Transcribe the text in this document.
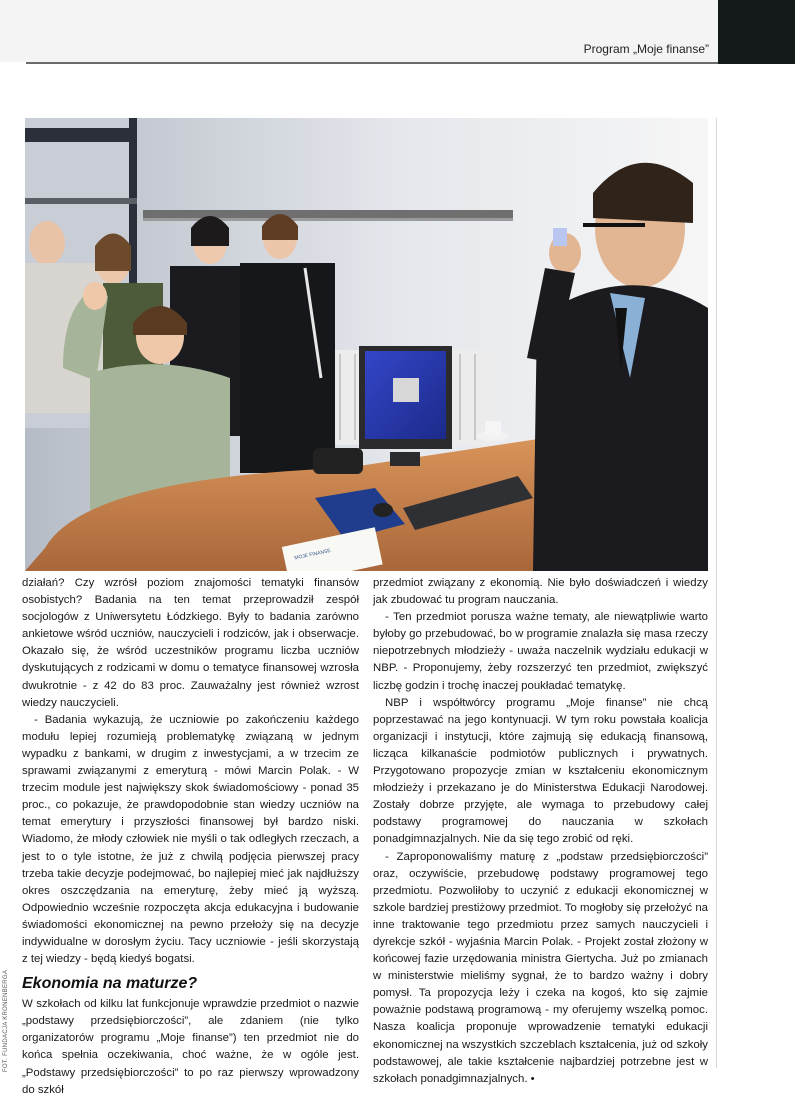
Program „Moje finanse”
MOJE FINANSE

działań? Czy wzrósł poziom znajomości tematyki finansów osobistych? Badania na ten temat przeprowadził zespół socjologów z Uniwersytetu Łódzkiego. Były to badania zarówno ankietowe wśród uczniów, nauczycieli i rodziców, jak i obserwacje. Okazało się, że wśród uczestników programu liczba uczniów dyskutujących z rodzicami w domu o tematyce finansowej wzrosła dwukrotnie - z 42 do 83 proc. Zauważalny jest również wzrost wiedzy nauczycieli.

- Badania wykazują, że uczniowie po zakończeniu każdego modułu lepiej rozumieją problematykę związaną w jednym wypadku z bankami, w drugim z inwestycjami, a w trzecim ze sprawami związanymi z emeryturą - mówi Marcin Polak. - W trzecim module jest największy skok świadomościowy - ponad 35 proc., co pokazuje, że prawdopodobnie stan wiedzy uczniów na temat emerytury i przyszłości finansowej był bardzo niski. Wiadomo, że młody człowiek nie myśli o tak odległych rzeczach, a jest to o tyle istotne, że już z chwilą podjęcia pierwszej pracy trzeba takie decyzje podejmować, bo najlepiej mieć jak najdłuższy okres oszczędzania na emeryturę, żeby mieć ją wyższą. Odpowiednio wcześnie rozpoczęta akcja edukacyjna i budowanie świadomości ekonomicznej na pewno przełoży się na decyzje indywidualne w dorosłym życiu. Tacy uczniowie - jeśli skorzystają z tej wiedzy - będą kiedyś bogatsi.

Ekonomia na maturze?

W szkołach od kilku lat funkcjonuje wprawdzie przedmiot o nazwie „podstawy przedsiębiorczości”, ale zdaniem (nie tylko organizatorów programu „Moje finanse”) ten przedmiot nie do końca spełnia oczekiwania, choć ważne, że w ogóle jest. „Podstawy przedsiębiorczości” to po raz pierwszy wprowadzony do szkół

przedmiot związany z ekonomią. Nie było doświadczeń i wiedzy jak zbudować tu program nauczania.

- Ten przedmiot porusza ważne tematy, ale niewątpliwie warto byłoby go przebudować, bo w programie znalazła się masa rzeczy niepotrzebnych młodzieży - uważa naczelnik wydziału edukacji w NBP. - Proponujemy, żeby rozszerzyć ten przedmiot, zwiększyć liczbę godzin i trochę inaczej poukładać tematykę.

NBP i współtwórcy programu „Moje finanse” nie chcą poprzestawać na jego kontynuacji. W tym roku powstała koalicja organizacji i instytucji, które zajmują się edukacją finansową, licząca kilkanaście podmiotów publicznych i prywatnych. Przygotowano propozycje zmian w kształceniu ekonomicznym młodzieży i przekazano je do Ministerstwa Edukacji Narodowej. Zostały dobrze przyjęte, ale wymaga to przebudowy całej podstawy programowej do nauczania w szkołach ponadgimnazjalnych. Nie da się tego zrobić od ręki.

- Zaproponowaliśmy maturę z „podstaw przedsiębiorczości” oraz, oczywiście, przebudowę podstawy programowej tego przedmiotu. Pozwoliłoby to uczynić z edukacji ekonomicznej w szkole bardziej prestiżowy przedmiot. To mogłoby się przełożyć na inne traktowanie tego przedmiotu przez samych nauczycieli i dyrekcje szkół - wyjaśnia Marcin Polak. - Projekt został złożony w końcowej fazie urzędowania ministra Giertycha. Już po zmianach w ministerstwie mieliśmy sygnał, że to bardzo ważny i dobry pomysł. Ta propozycja leży i czeka na kogoś, kto się zajmie poważnie podstawą programową - my oferujemy wszelką pomoc. Nasza koalicja proponuje wprowadzenie tematyki edukacji ekonomicznej na wszystkich szczeblach kształcenia, już od szkoły podstawowej, ale takie kształcenie najbardziej potrzebne jest w szkołach ponadgimnazjalnych. •

FOT. FUNDACJA KRONENBERGA
